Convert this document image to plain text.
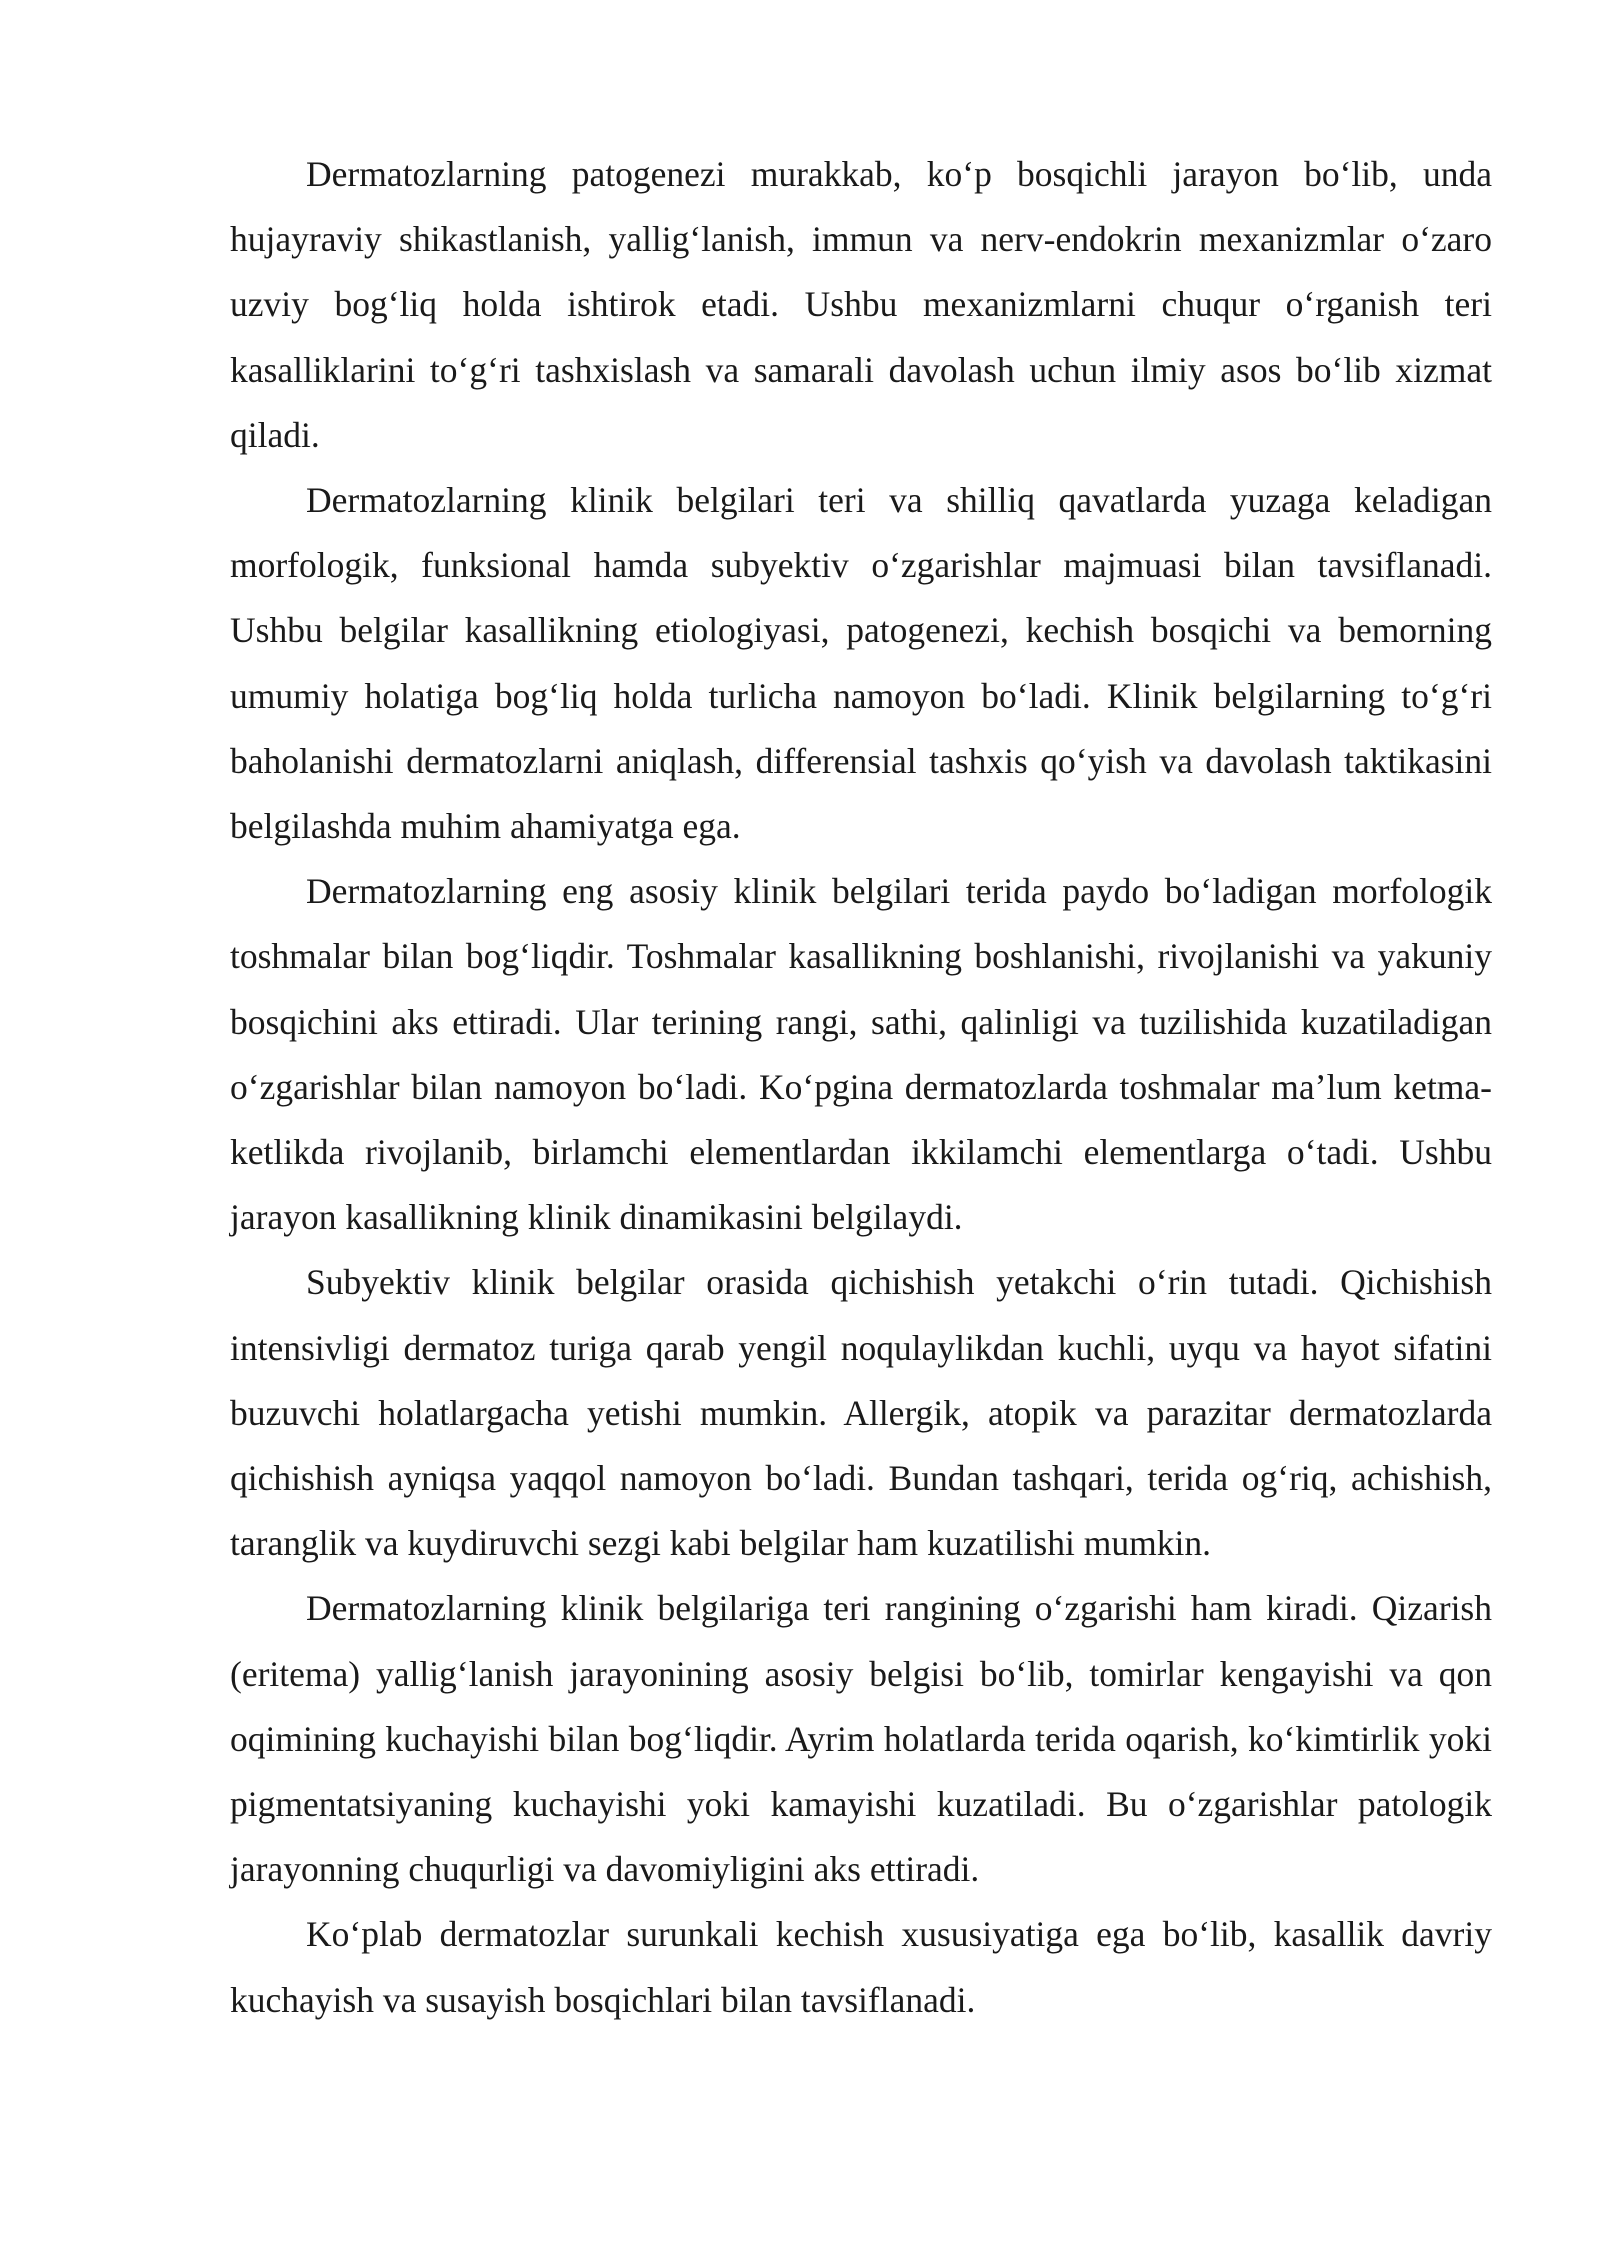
Dermatozlarning patogenezi murakkab, koʻp bosqichli jarayon boʻlib, unda hujayraviy shikastlanish, yalligʻlanish, immun va nerv-endokrin mexanizmlar oʻzaro uzviy bogʻliq holda ishtirok etadi. Ushbu mexanizmlarni chuqur oʻrganish teri kasalliklarini toʻgʻri tashxislash va samarali davolash uchun ilmiy asos boʻlib xizmat qiladi.

Dermatozlarning klinik belgilari teri va shilliq qavatlarda yuzaga keladigan morfologik, funksional hamda subyektiv oʻzgarishlar majmuasi bilan tavsiflanadi. Ushbu belgilar kasallikning etiologiyasi, patogenezi, kechish bosqichi va bemorning umumiy holatiga bogʻliq holda turlicha namoyon boʻladi. Klinik belgilarning toʻgʻri baholanishi dermatozlarni aniqlash, differensial tashxis qoʻyish va davolash taktikasini belgilashda muhim ahamiyatga ega.

Dermatozlarning eng asosiy klinik belgilari terida paydo boʻladigan morfologik toshmalar bilan bogʻliqdir. Toshmalar kasallikning boshlanishi, rivojlanishi va yakuniy bosqichini aks ettiradi. Ular terining rangi, sathi, qalinligi va tuzilishida kuzatiladigan oʻzgarishlar bilan namoyon boʻladi. Koʻpgina dermatozlarda toshmalar maʼlum ketma-ketlikda rivojlanib, birlamchi elementlardan ikkilamchi elementlarga oʻtadi. Ushbu jarayon kasallikning klinik dinamikasini belgilaydi.

Subyektiv klinik belgilar orasida qichishish yetakchi oʻrin tutadi. Qichishish intensivligi dermatoz turiga qarab yengil noqulaylikdan kuchli, uyqu va hayot sifatini buzuvchi holatlargacha yetishi mumkin. Allergik, atopik va parazitar dermatozlarda qichishish ayniqsa yaqqol namoyon boʻladi. Bundan tashqari, terida ogʻriq, achishish, taranglik va kuydiruvchi sezgi kabi belgilar ham kuzatilishi mumkin.

Dermatozlarning klinik belgilariga teri rangining oʻzgarishi ham kiradi. Qizarish (eritema) yalligʻlanish jarayonining asosiy belgisi boʻlib, tomirlar kengayishi va qon oqimining kuchayishi bilan bogʻliqdir. Ayrim holatlarda terida oqarish, koʻkimtirlik yoki pigmentatsiyaning kuchayishi yoki kamayishi kuzatiladi. Bu oʻzgarishlar patologik jarayonning chuqurligi va davomiyligini aks ettiradi.

Koʻplab dermatozlar surunkali kechish xususiyatiga ega boʻlib, kasallik davriy kuchayish va susayish bosqichlari bilan tavsiflanadi.
